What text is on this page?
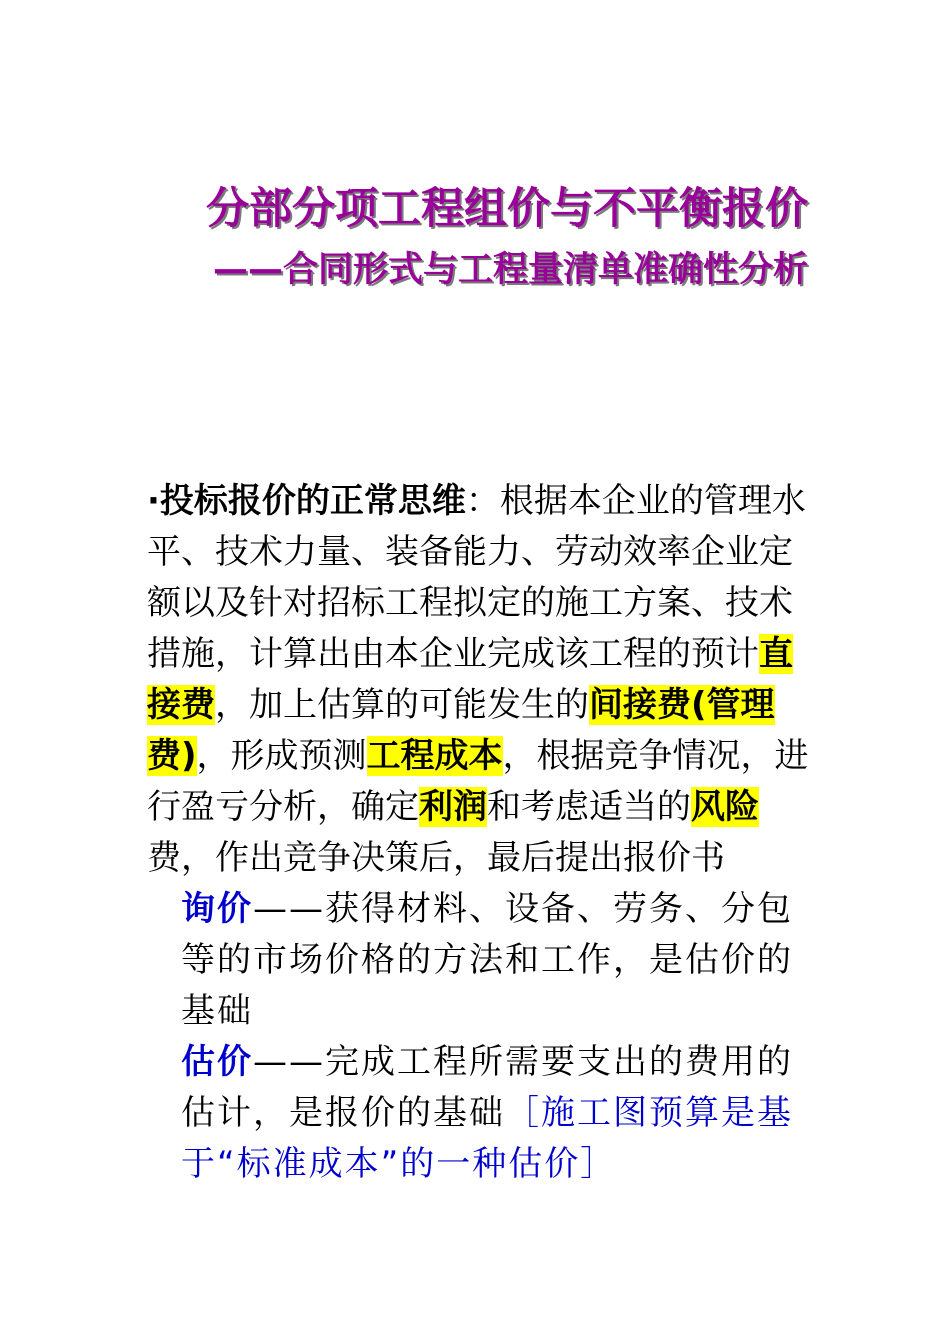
分部分项工程组价与不平衡报价

——合同形式与工程量清单准确性分析

·投标报价的正常思维：根据本企业的管理水平、技术力量、装备能力、劳动效率企业定额以及针对招标工程拟定的施工方案、技术措施，计算出由本企业完成该工程的预计直接费，加上估算的可能发生的间接费(管理费)，形成预测工程成本，根据竞争情况，进行盈亏分析，确定利润和考虑适当的风险费，作出竞争决策后，最后提出报价书

询价——获得材料、设备、劳务、分包等的市场价格的方法和工作，是估价的基础

估价——完成工程所需要支出的费用的估计，是报价的基础［施工图预算是基于“标准成本”的一种估价］
